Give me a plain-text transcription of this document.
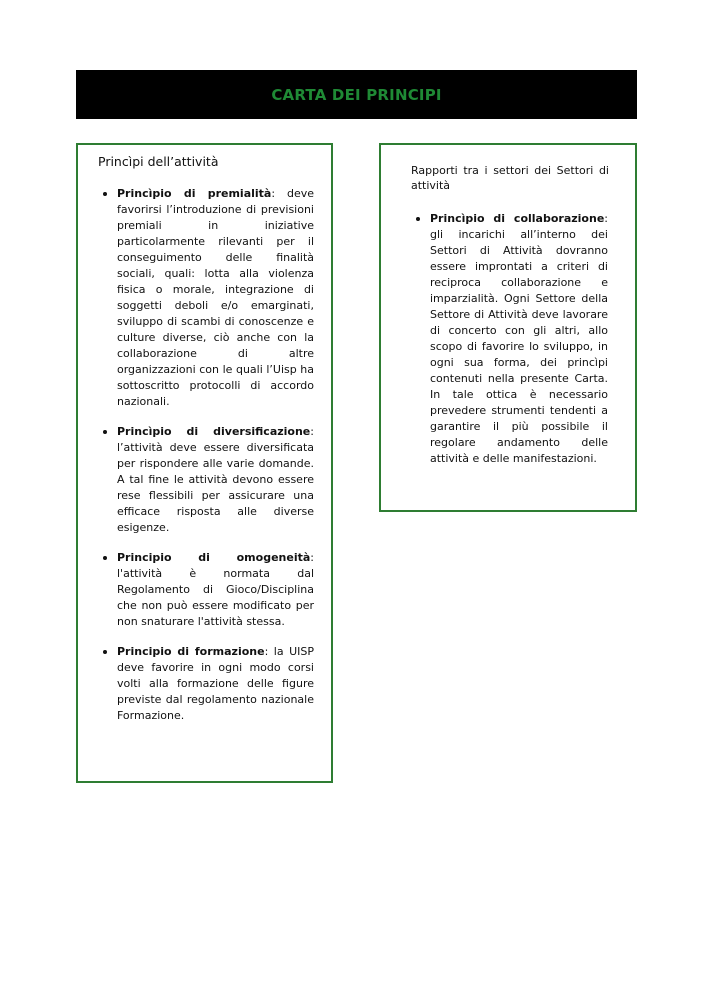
CARTA DEI PRINCIPI
Princìpi dell’attività
Princìpio di premialità: deve favorirsi l’introduzione di previsioni premiali in iniziative particolarmente rilevanti per il conseguimento delle finalità sociali, quali: lotta alla violenza fisica o morale, integrazione di soggetti deboli e/o emarginati, sviluppo di scambi di conoscenze e culture diverse, ciò anche con la collaborazione di altre organizzazioni con le quali l’Uisp ha sottoscritto protocolli di accordo nazionali.
Princìpio di diversificazione: l’attività deve essere diversificata per rispondere alle varie domande. A tal fine le attività devono essere rese flessibili per assicurare una efficace risposta alle diverse esigenze.
Principio di omogeneità: l'attività è normata dal Regolamento di Gioco/Disciplina che non può essere modificato per non snaturare l'attività stessa.
Principio di formazione: la UISP deve favorire in ogni modo corsi volti alla formazione delle figure previste dal regolamento nazionale Formazione.
Rapporti tra i settori dei Settori di attività
Princìpio di collaborazione: gli incarichi all’interno dei Settori di Attività dovranno essere improntati a criteri di reciproca collaborazione e imparzialità. Ogni Settore della Settore di Attività deve lavorare di concerto con gli altri, allo scopo di favorire lo sviluppo, in ogni sua forma, dei princìpi contenuti nella presente Carta. In tale ottica è necessario prevedere strumenti tendenti a garantire il più possibile il regolare andamento delle attività e delle manifestazioni.
